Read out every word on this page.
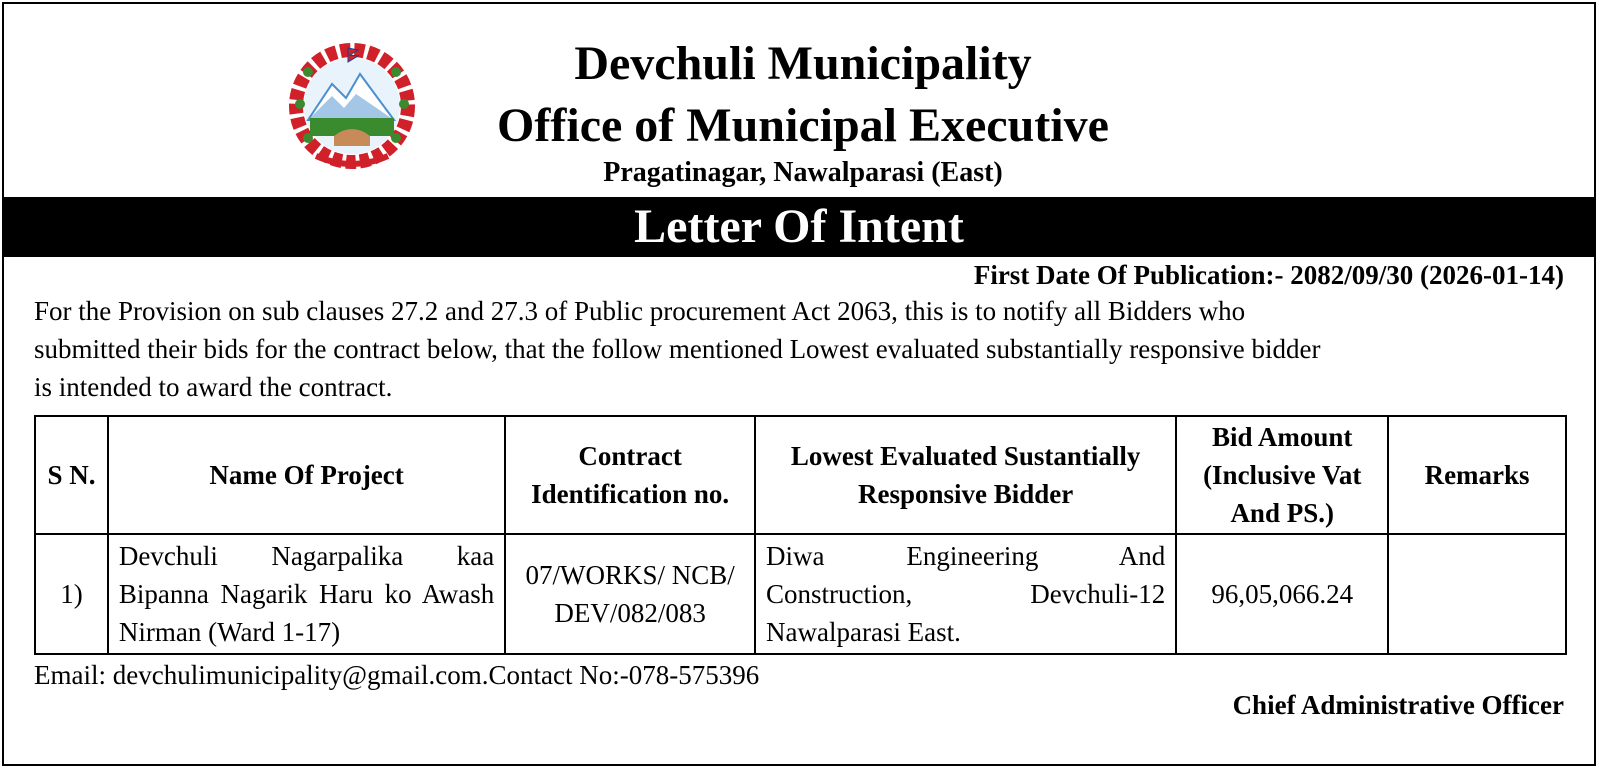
Devchuli Municipality
Office of Municipal Executive
Pragatinagar, Nawalparasi (East)
Letter Of Intent
First Date Of Publication:- 2082/09/30 (2026-01-14)
For the Provision on sub clauses 27.2 and 27.3 of Public procurement Act 2063, this is to notify all Bidders who
submitted their bids for the contract below, that the follow mentioned Lowest evaluated substantially responsive bidder
is intended to award the contract.
S N.	Name Of Project	Contract Identification no.	Lowest Evaluated Sustantially Responsive Bidder	Bid Amount (Inclusive Vat And PS.)	Remarks
1)	Devchuli Nagarpalika kaa Bipanna Nagarik Haru ko Awash Nirman (Ward 1-17)	07/WORKS/ NCB/ DEV/082/083	Diwa Engineering And Construction, Devchuli-12 Nawalparasi East.	96,05,066.24	
Email: devchulimunicipality@gmail.com.Contact No:-078-575396
Chief Administrative Officer
